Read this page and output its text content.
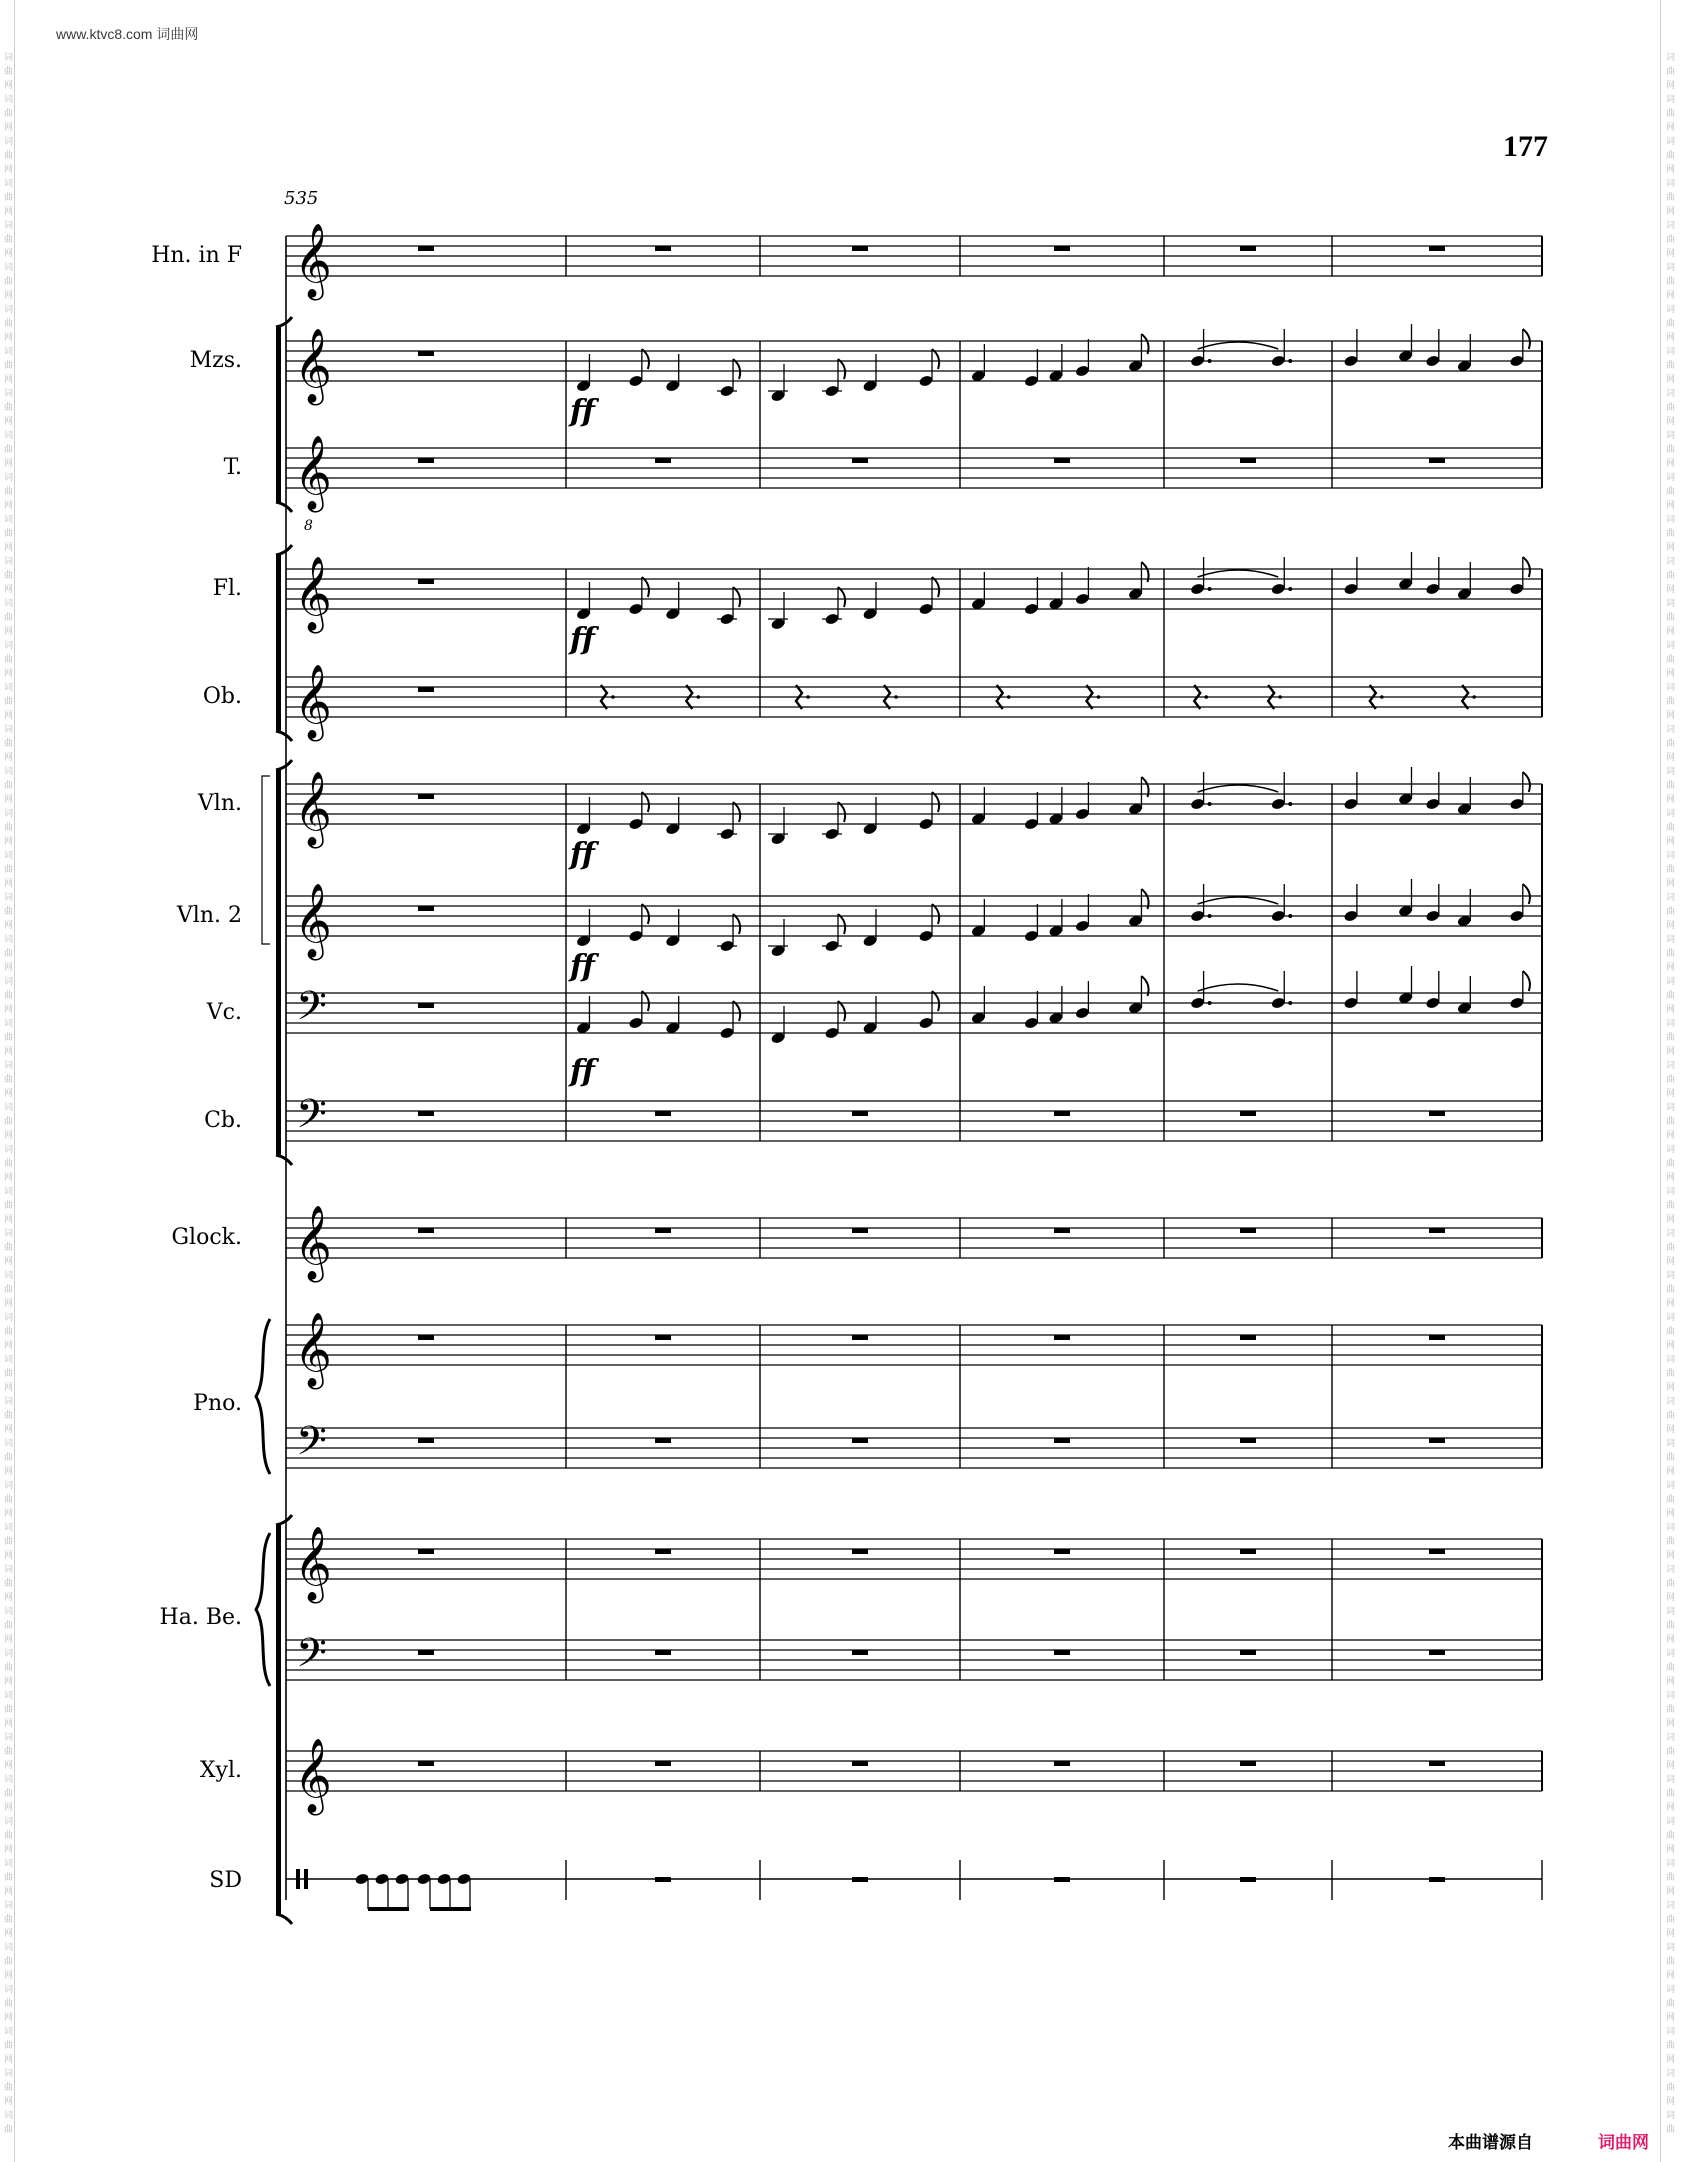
www.ktvc8.com 词曲网
177
𝄞
𝄞
𝄞
8
𝄞
𝄞
𝄞
𝄞
𝄢
𝄢
𝄞
𝄞
𝄢
𝄞
𝄢
𝄞
Hn. in F
Mzs.
T.
Fl.
Ob.
Vln.
Vln. 2
Vc.
Cb.
Glock.
Pno.
Ha. Be.
Xyl.
SD
535
ff
ff
ff
ff
ff
词	词
曲	曲
网	网
词	词
曲	曲
网	网
词	词
曲	曲
网	网
词	词
曲	曲
网	网
词	词
曲	曲
网	网
词	词
曲	曲
网	网
词	词
曲	曲
网	网
词	词
曲	曲
网	网
词	词
曲	曲
网	网
词	词
曲	曲
网	网
词	词
曲	曲
网	网
词	词
曲	曲
网	网
词	词
曲	曲
网	网
词	词
曲	曲
网	网
词	词
曲	曲
网	网
词	词
曲	曲
网	网
词	词
曲	曲
网	网
词	词
曲	曲
网	网
词	词
曲	曲
网	网
词	词
曲	曲
网	网
词	词
曲	曲
网	网
词	词
曲	曲
网	网
词	词
曲	曲
网	网
词	词
曲	曲
网	网
词	词
曲	曲
网	网
词	词
曲	曲
网	网
词	词
曲	曲
网	网
词	词
曲	曲
网	网
词	词
曲	曲
网	网
词	词
曲	曲
网	网
词	词
曲	曲
网	网
词	词
曲	曲
网	网
词	词
曲	曲
网	网
词	词
曲	曲
网	网
词	词
曲	曲
网	网
词	词
曲	曲
网	网
词	词
曲	曲
网	网
词	词
曲	曲
网	网
词	词
曲	曲
网	网
词	词
曲	曲
网	网
词	词
曲	曲
网	网
词	词
曲	曲
网	网
词	词
曲	曲
网	网
词	词
曲	曲
网	网
词	词
曲	曲
网	网
词	词
曲	曲
网	网
词	词
曲	曲
网	网
词	词
曲	曲
网	网
词	词
曲	曲
网	网
词	词
曲	曲
本曲谱源自	词曲网
